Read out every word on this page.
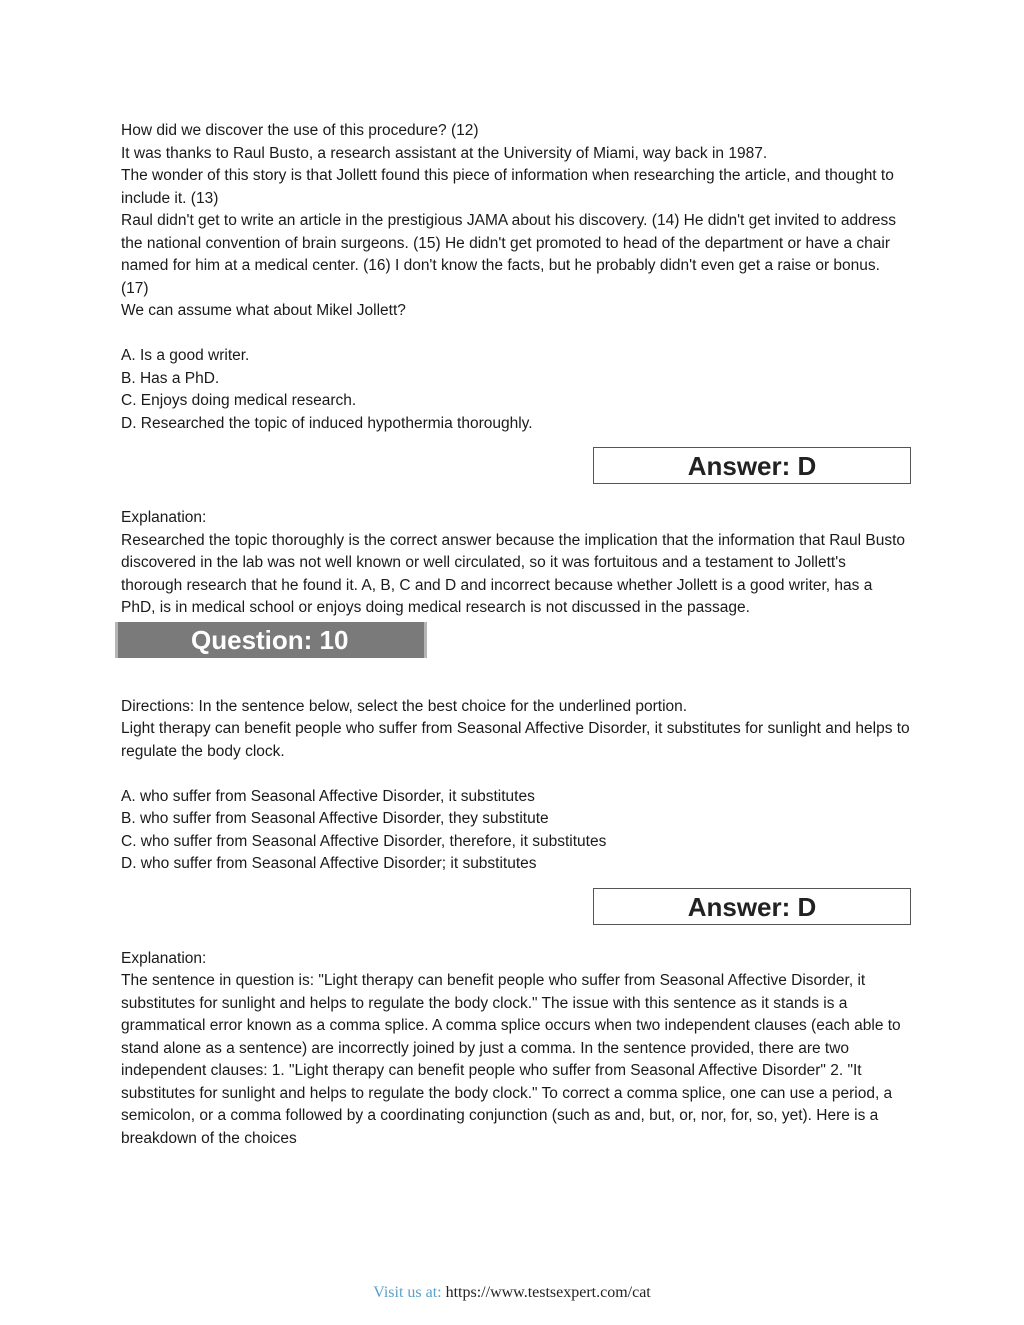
How did we discover the use of this procedure? (12)
It was thanks to Raul Busto, a research assistant at the University of Miami, way back in 1987.
The wonder of this story is that Jollett found this piece of information when researching the article, and thought to include it. (13)
Raul didn't get to write an article in the prestigious JAMA about his discovery. (14) He didn't get invited to address the national convention of brain surgeons. (15) He didn't get promoted to head of the department or have a chair named for him at a medical center. (16) I don't know the facts, but he probably didn't even get a raise or bonus. (17)
We can assume what about Mikel Jollett?
A. Is a good writer.
B. Has a PhD.
C. Enjoys doing medical research.
D. Researched the topic of induced hypothermia thoroughly.
Answer: D
Explanation:
Researched the topic thoroughly is the correct answer because the implication that the information that Raul Busto discovered in the lab was not well known or well circulated, so it was fortuitous and a testament to Jollett's thorough research that he found it. A, B, C and D and incorrect because whether Jollett is a good writer, has a PhD, is in medical school or enjoys doing medical research is not discussed in the passage.
Question: 10
Directions: In the sentence below, select the best choice for the underlined portion.
Light therapy can benefit people who suffer from Seasonal Affective Disorder, it substitutes for sunlight and helps to regulate the body clock.
A. who suffer from Seasonal Affective Disorder, it substitutes
B. who suffer from Seasonal Affective Disorder, they substitute
C. who suffer from Seasonal Affective Disorder, therefore, it substitutes
D. who suffer from Seasonal Affective Disorder; it substitutes
Answer: D
Explanation:
The sentence in question is: "Light therapy can benefit people who suffer from Seasonal Affective Disorder, it substitutes for sunlight and helps to regulate the body clock." The issue with this sentence as it stands is a grammatical error known as a comma splice. A comma splice occurs when two independent clauses (each able to stand alone as a sentence) are incorrectly joined by just a comma. In the sentence provided, there are two independent clauses: 1. "Light therapy can benefit people who suffer from Seasonal Affective Disorder" 2. "It substitutes for sunlight and helps to regulate the body clock." To correct a comma splice, one can use a period, a semicolon, or a comma followed by a coordinating conjunction (such as and, but, or, nor, for, so, yet). Here is a breakdown of the choices
Visit us at: https://www.testsexpert.com/cat
